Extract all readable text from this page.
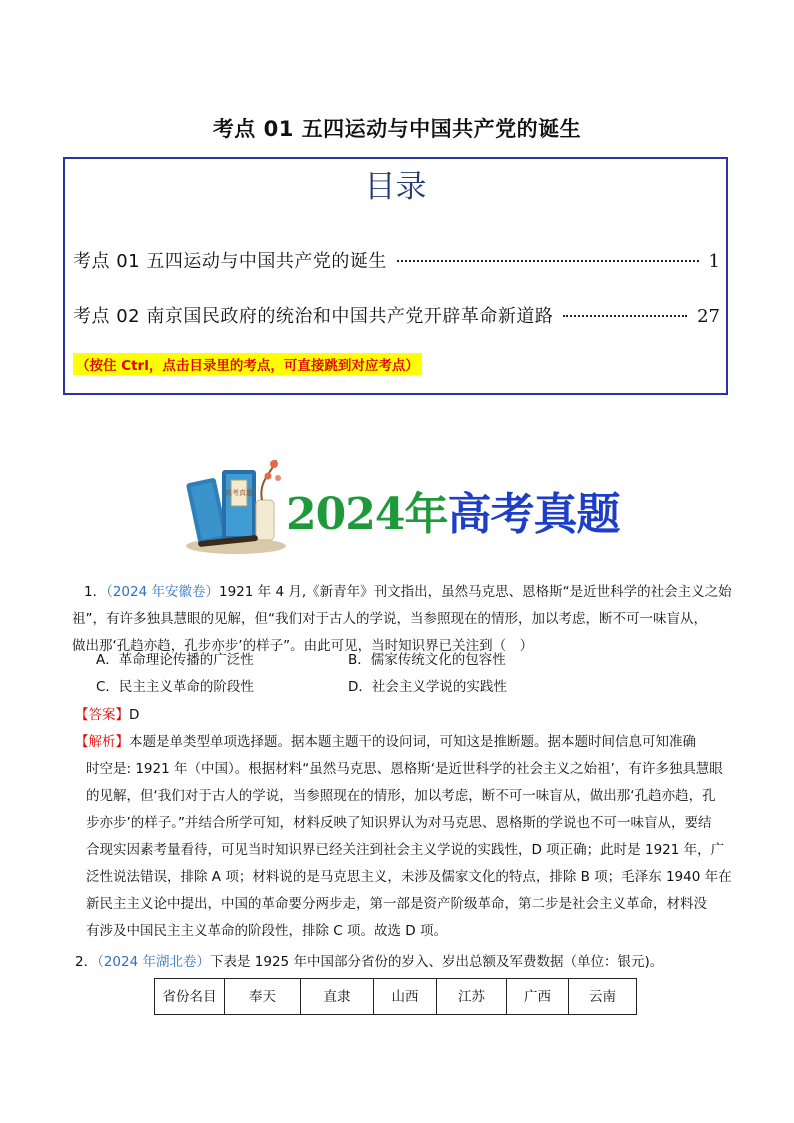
考点 01 五四运动与中国共产党的诞生
目录
考点 01 五四运动与中国共产党的诞生	1
考点 02 南京国民政府的统治和中国共产党开辟革命新道路	27
（按住 Ctrl，点击目录里的考点，可直接跳到对应考点）
高考真题 2024年高考真题
1．（2024 年安徽卷）1921 年 4 月,《新青年》刊文指出，虽然马克思、恩格斯“是近世科学的社会主义之始
祖”，有许多独具慧眼的见解，但“我们对于古人的学说，当参照现在的情形，加以考虑，断不可一味盲从，
做出那‘孔趋亦趋，孔步亦步’的样子”。由此可见，当时知识界已关注到（　）
A．革命理论传播的广泛性	B．儒家传统文化的包容性
C．民主主义革命的阶段性	D．社会主义学说的实践性
【答案】D
【解析】本题是单类型单项选择题。据本题主题干的设问词，可知这是推断题。据本题时间信息可知准确
时空是: 1921 年（中国）。根据材料“虽然马克思、恩格斯‘是近世科学的社会主义之始祖’，有许多独具慧眼
的见解，但‘我们对于古人的学说，当参照现在的情形，加以考虑，断不可一味盲从，做出那‘孔趋亦趋，孔
步亦步’的样子。”并结合所学可知，材料反映了知识界认为对马克思、恩格斯的学说也不可一味盲从，要结
合现实因素考量看待，可见当时知识界已经关注到社会主义学说的实践性，D 项正确；此时是 1921 年，广
泛性说法错误，排除 A 项；材料说的是马克思主义，未涉及儒家文化的特点，排除 B 项；毛泽东 1940 年在
新民主主义论中提出，中国的革命要分两步走，第一部是资产阶级革命，第二步是社会主义革命，材料没
有涉及中国民主主义革命的阶段性，排除 C 项。故选 D 项。
2．（2024 年湖北卷）下表是 1925 年中国部分省份的岁入、岁出总额及军费数据（单位：银元)。
省份名目	奉天	直隶	山西	江苏	广西	云南
